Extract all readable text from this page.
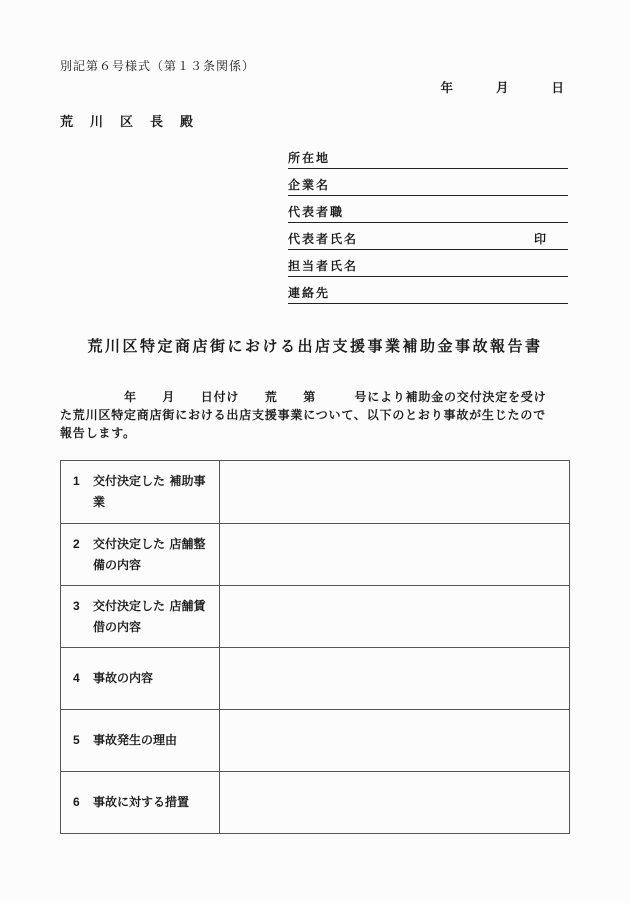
別記第６号様式（第１３条関係）
年　　月　　日
荒　川　区　長　殿
所在地
企業名
代表者職
代表者氏名	印
担当者氏名
連絡先
荒川区特定商店街における出店支援事業補助金事故報告書
年　　月　　日付け　　荒　　第　　　号により補助金の交付決定を受け
た荒川区特定商店街における出店支援事業について、以下のとおり事故が生じたので
報告します。
1	交付決定した 補助事業
2	交付決定した 店舗整備の内容
3	交付決定した 店舗賃借の内容
4	事故の内容
5	事故発生の理由
6	事故に対する措置
